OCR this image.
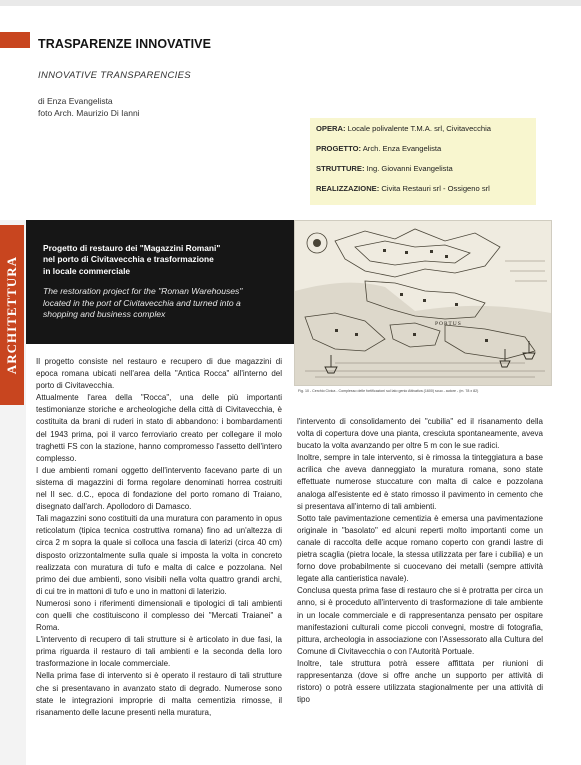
TRASPARENZE INNOVATIVE
INNOVATIVE TRANSPARENCIES
di Enza Evangelista
foto Arch. Maurizio Di Ianni
OPERA: Locale polivalente T.M.A. srl, Civitavecchia
PROGETTO: Arch. Enza Evangelista
STRUTTURE: Ing. Giovanni Evangelista
REALIZZAZIONE: Civita Restauri srl - Ossigeno srl
ARCHITETTURA
Progetto di restauro dei "Magazzini Romani"
nel porto di Civitavecchia e trasformazione
in locale commerciale
The restoration project for the "Roman Warehouses"
located in the port of Civitavecchia and turned into a
shopping and business complex
PORTUS
Fig. 10 - Cerchio Civica - Complesso delle fortificazioni sul lato genio Attivativa (1600) scuo - autore - (m. 78 x 82)

Il progetto consiste nel restauro e recupero di due magazzini di epoca romana ubicati nell'area della "Antica Rocca" all'interno del porto di Civitavecchia.

Attualmente l'area della "Rocca", una delle più importanti testimonianze storiche e archeologiche della città di Civitavecchia, è costituita da brani di ruderi in stato di abbandono: i bombardamenti del 1943 prima, poi il varco ferroviario creato per collegare il molo traghetti FS con la stazione, hanno compromesso l'assetto dell'intero complesso.

I due ambienti romani oggetto dell'intervento facevano parte di un sistema di magazzini di forma regolare denominati horrea costruiti nel II sec. d.C., epoca di fondazione del porto romano di Traiano, disegnato dall'arch. Apollodoro di Damasco.

Tali magazzini sono costituiti da una muratura con paramento in opus reticolatum (tipica tecnica costruttiva romana) fino ad un'altezza di circa 2 m sopra la quale si colloca una fascia di laterizi (circa 40 cm) disposto orizzontalmente sulla quale si imposta la volta in concreto realizzata con muratura di tufo e malta di calce e pozzolana. Nel primo dei due ambienti, sono visibili nella volta quattro grandi archi, di cui tre in mattoni di tufo e uno in mattoni di laterizio.

Numerosi sono i riferimenti dimensionali e tipologici di tali ambienti con quelli che costituiscono il complesso dei "Mercati Traianei" a Roma.

L'intervento di recupero di tali strutture si è articolato in due fasi, la prima riguarda il restauro di tali ambienti e la seconda della loro trasformazione in locale commerciale.

Nella prima fase di intervento si è operato il restauro di tali strutture che si presentavano in avanzato stato di degrado. Numerose sono state le integrazioni improprie di malta cementizia rimosse, il risanamento delle lacune presenti nella muratura,

l'intervento di consolidamento dei "cubilia" ed il risanamento della volta di copertura dove una pianta, cresciuta spontaneamente, aveva bucato la volta avanzando per oltre 5 m con le sue radici.

Inoltre, sempre in tale intervento, si è rimossa la tinteggiatura a base acrilica che aveva danneggiato la muratura romana, sono state effettuate numerose stuccature con malta di calce e pozzolana analoga all'esistente ed è stato rimosso il pavimento in cemento che si presentava all'interno di tali ambienti.

Sotto tale pavimentazione cementizia è emersa una pavimentazione originale in "basolato" ed alcuni reperti molto importanti come un canale di raccolta delle acque romano coperto con grandi lastre di pietra scaglia (pietra locale, la stessa utilizzata per fare i cubilia) e un forno dove probabilmente si cuocevano dei metalli (sempre attività legate alla cantieristica navale).

Conclusa questa prima fase di restauro che si è protratta per circa un anno, si è proceduto all'intervento di trasformazione di tale ambiente in un locale commerciale e di rappresentanza pensato per ospitare manifestazioni culturali come piccoli convegni, mostre di fotografia, pittura, archeologia in associazione con l'Assessorato alla Cultura del Comune di Civitavecchia o con l'Autorità Portuale.

Inoltre, tale struttura potrà essere affittata per riunioni di rappresentanza (dove si offre anche un supporto per attività di ristoro) o potrà essere utilizzata stagionalmente per una attività di tipo
